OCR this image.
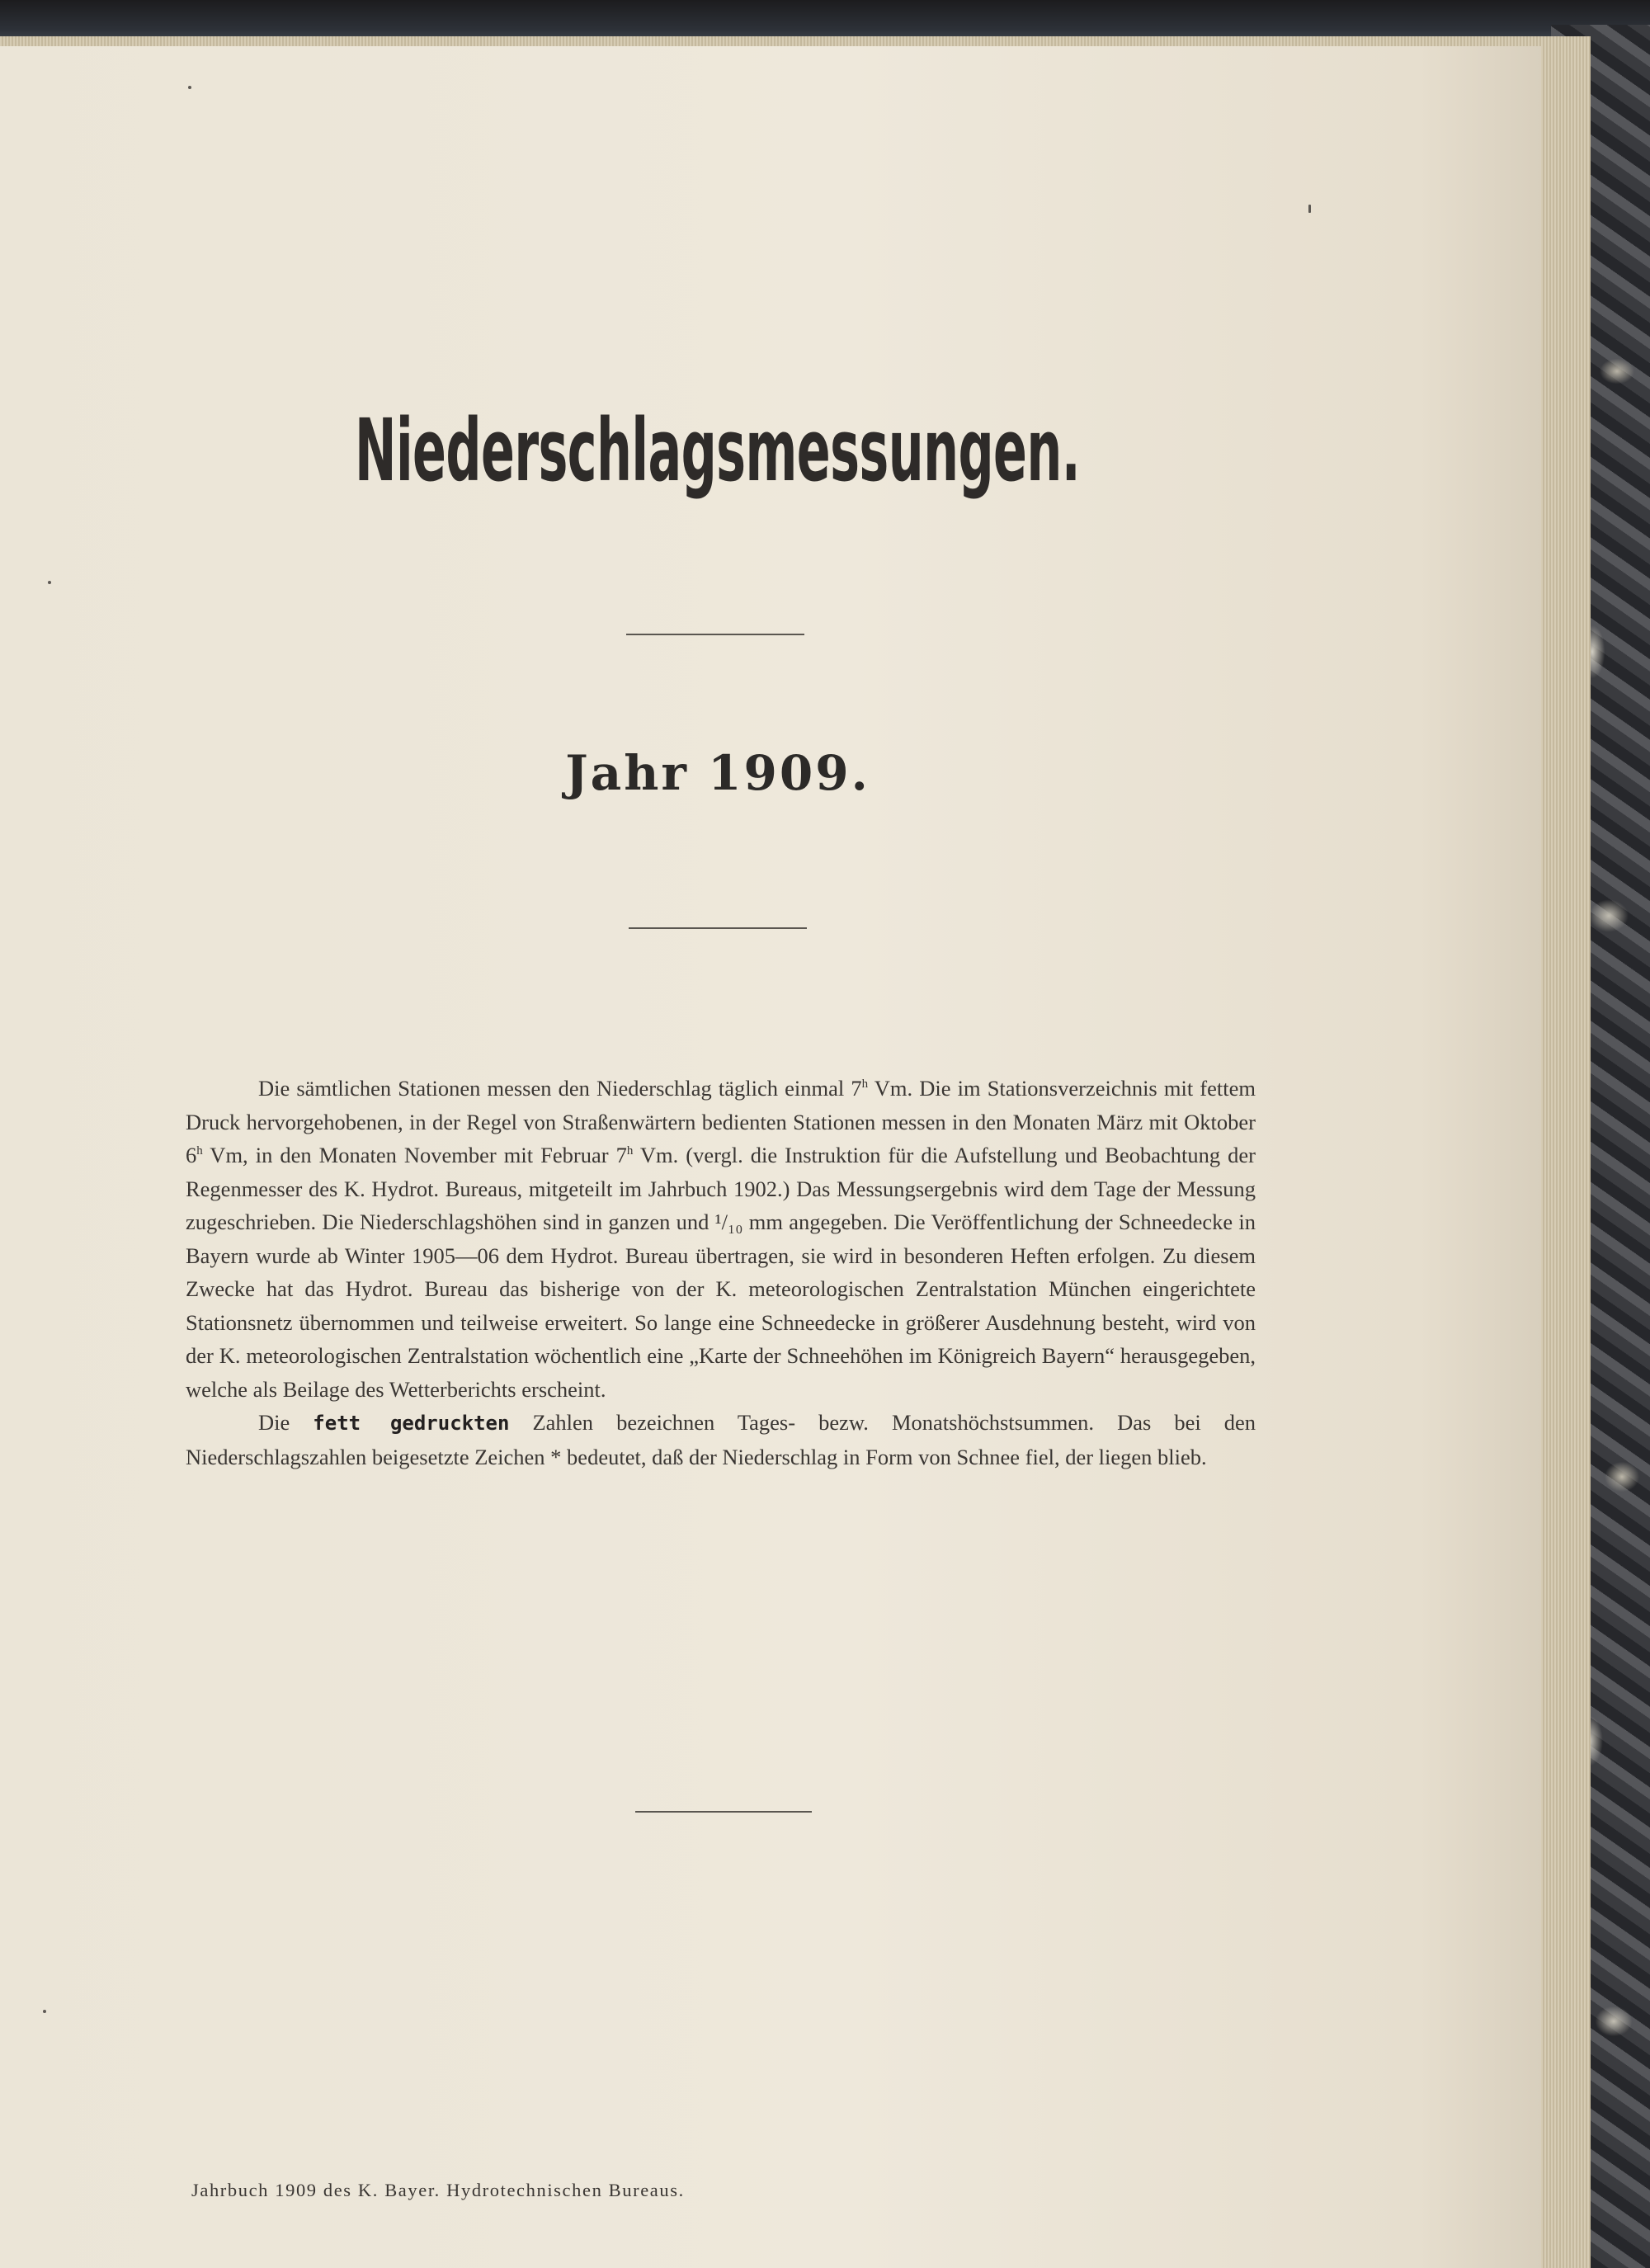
Niederschlagsmessungen.
Jahr 1909.

Die sämtlichen Stationen messen den Niederschlag täglich einmal 7$^h$ Vm. Die im Stationsverzeichnis mit fettem Druck hervorgehobenen, in der Regel von Straßenwärtern bedienten Stationen messen in den Monaten März mit Oktober 6$^h$ Vm, in den Monaten November mit Februar 7$^h$ Vm. (vergl. die Instruktion für die Aufstellung und Beobachtung der Regenmesser des K. Hydrot. Bureaus, mitgeteilt im Jahrbuch 1902.) Das Messungsergebnis wird dem Tage der Messung zugeschrieben. Die Niederschlagshöhen sind in ganzen und ¹/₁₀ mm angegeben. Die Veröffentlichung der Schneedecke in Bayern wurde ab Winter 1905—06 dem Hydrot. Bureau übertragen, sie wird in besonderen Heften erfolgen. Zu diesem Zwecke hat das Hydrot. Bureau das bisherige von der K. meteorologischen Zentralstation München eingerichtete Stationsnetz übernommen und teilweise erweitert. So lange eine Schneedecke in größerer Ausdehnung besteht, wird von der K. meteorologischen Zentralstation wöchentlich eine „Karte der Schneehöhen im Königreich Bayern“ herausgegeben, welche als Beilage des Wetterberichts erscheint.

Die fett gedruckten Zahlen bezeichnen Tages- bezw. Monatshöchstsummen. Das bei den Niederschlagszahlen beigesetzte Zeichen * bedeutet, daß der Niederschlag in Form von Schnee fiel, der liegen blieb.

Jahrbuch 1909 des K. Bayer. Hydrotechnischen Bureaus.
